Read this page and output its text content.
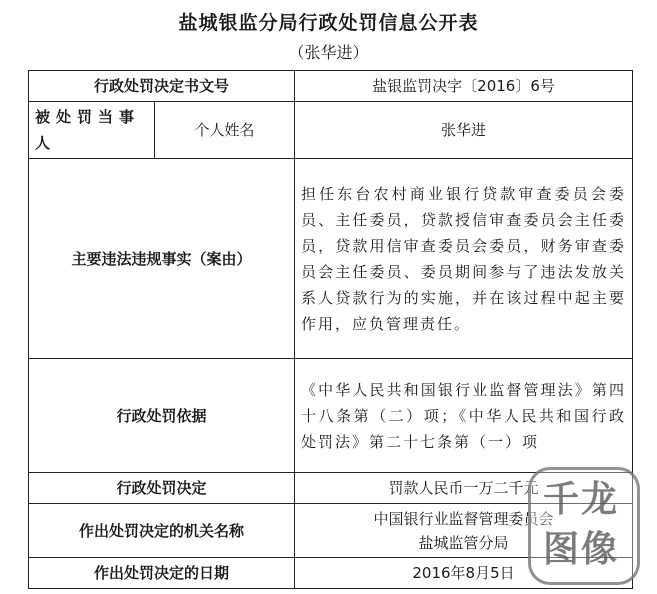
盐城银监分局行政处罚信息公开表
（张华进）
行政处罚决定书文号		盐银监罚决字〔2016〕6号
被处罚当事人	个人姓名	张华进
主要违法违规事实（案由）		担任东台农村商业银行贷款审查委员会委员、主任委员，贷款授信审查委员会主任委员，贷款用信审查委员会委员，财务审查委员会主任委员、委员期间参与了违法发放关系人贷款行为的实施，并在该过程中起主要作用，应负管理责任。
行政处罚依据		《中华人民共和国银行业监督管理法》第四十八条第（二）项；《中华人民共和国行政处罚法》第二十七条第（一）项
行政处罚决定		罚款人民币一万二千元
作出处罚决定的机关名称		中国银行业监督管理委员会
盐城监管分局

作出处罚决定的日期		2016年8月5日
千龙
图像
